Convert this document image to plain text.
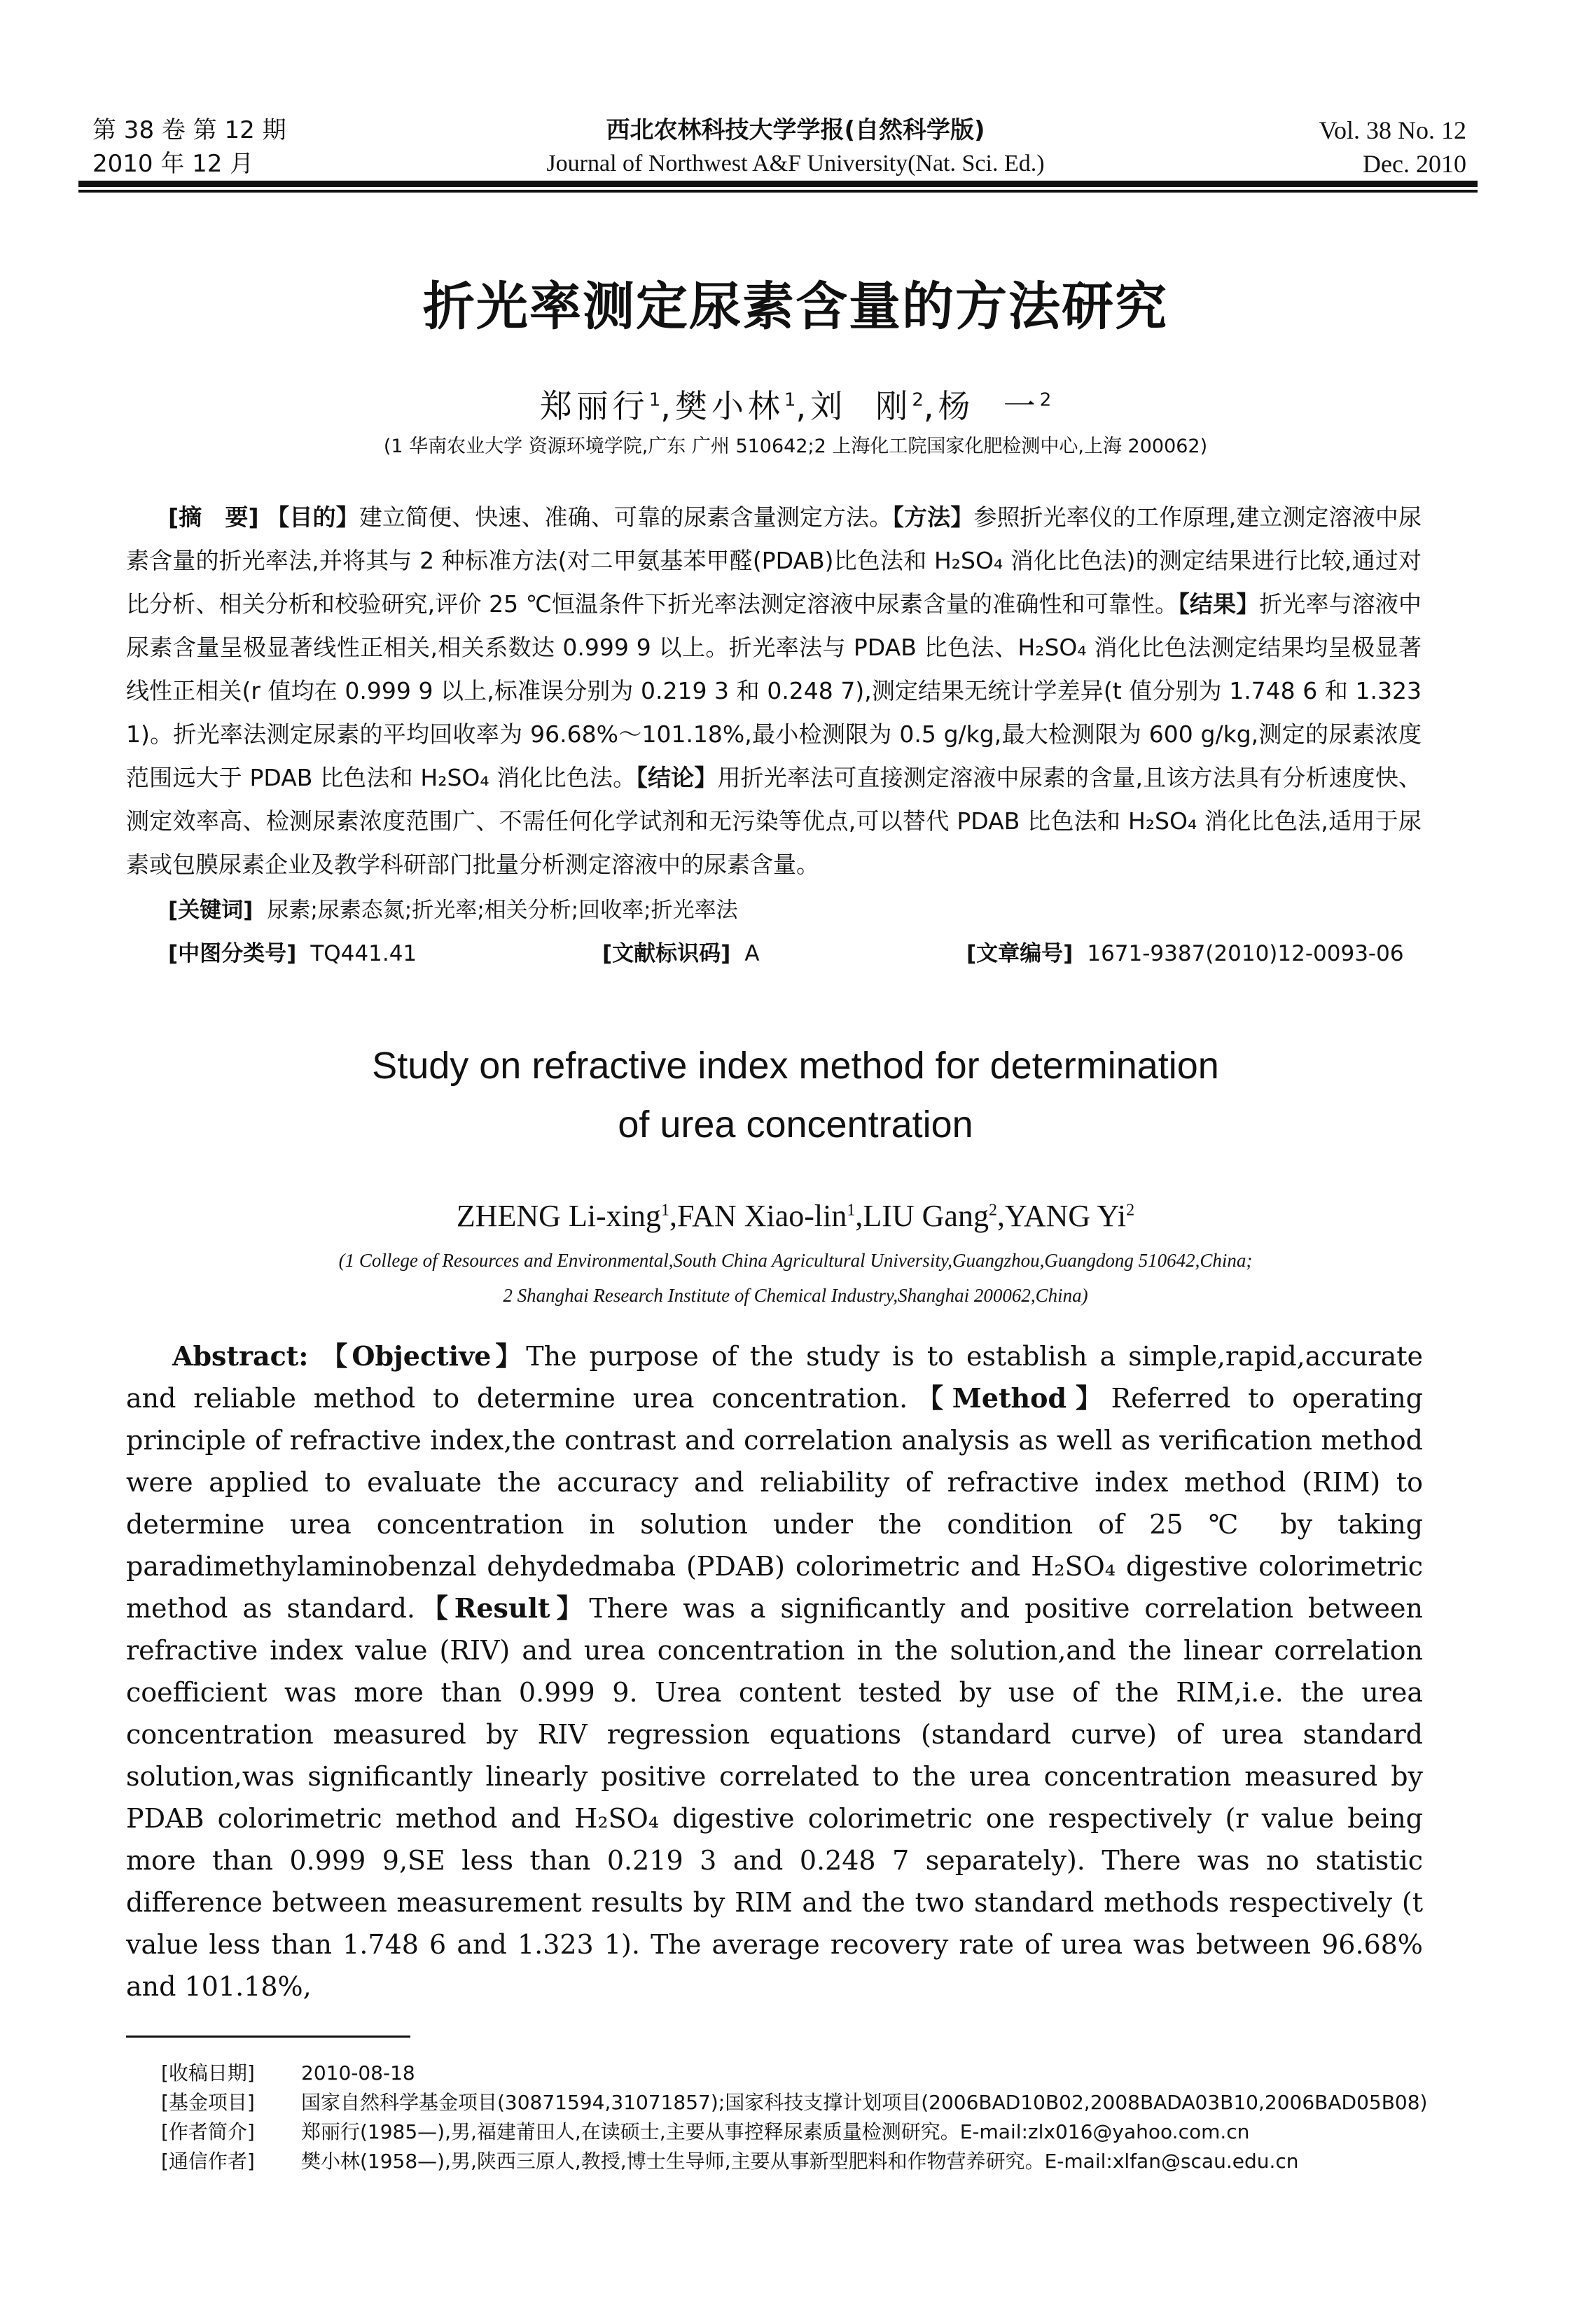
第 38 卷 第 12 期
2010 年 12 月
西北农林科技大学学报(自然科学版)
Journal of Northwest A&F University(Nat. Sci. Ed.)
Vol. 38 No. 12
Dec. 2010
折光率测定尿素含量的方法研究
郑丽行$^1$,樊小林$^1$,刘  刚$^2$,杨  一$^2$
(1 华南农业大学 资源环境学院,广东 广州 510642;2 上海化工院国家化肥检测中心,上海 200062)

[摘　要] 【目的】建立简便、快速、准确、可靠的尿素含量测定方法。【方法】参照折光率仪的工作原理,建立测定溶液中尿素含量的折光率法,并将其与 2 种标准方法(对二甲氨基苯甲醛(PDAB)比色法和 H₂SO₄ 消化比色法)的测定结果进行比较,通过对比分析、相关分析和校验研究,评价 25 ℃恒温条件下折光率法测定溶液中尿素含量的准确性和可靠性。【结果】折光率与溶液中尿素含量呈极显著线性正相关,相关系数达 0.999 9 以上。折光率法与 PDAB 比色法、H₂SO₄ 消化比色法测定结果均呈极显著线性正相关(r 值均在 0.999 9 以上,标准误分别为 0.219 3 和 0.248 7),测定结果无统计学差异(t 值分别为 1.748 6 和 1.323 1)。折光率法测定尿素的平均回收率为 96.68%～101.18%,最小检测限为 0.5 g/kg,最大检测限为 600 g/kg,测定的尿素浓度范围远大于 PDAB 比色法和 H₂SO₄ 消化比色法。【结论】用折光率法可直接测定溶液中尿素的含量,且该方法具有分析速度快、测定效率高、检测尿素浓度范围广、不需任何化学试剂和无污染等优点,可以替代 PDAB 比色法和 H₂SO₄ 消化比色法,适用于尿素或包膜尿素企业及教学科研部门批量分析测定溶液中的尿素含量。

[关键词] 尿素;尿素态氮;折光率;相关分析;回收率;折光率法
[中图分类号] TQ441.41	[文献标识码] A	[文章编号] 1671-9387(2010)12-0093-06
Study on refractive index method for determination
of urea concentration
ZHENG Li-xing$^1$,FAN Xiao-lin$^1$,LIU Gang$^2$,YANG Yi$^2$
(1 College of Resources and Environmental,South China Agricultural University,Guangzhou,Guangdong 510642,China;
2 Shanghai Research Institute of Chemical Industry,Shanghai 200062,China)

Abstract: 【Objective】The purpose of the study is to establish a simple,rapid,accurate and reliable method to determine urea concentration.【Method】Referred to operating principle of refractive index,the contrast and correlation analysis as well as verification method were applied to evaluate the accuracy and reliability of refractive index method (RIM) to determine urea concentration in solution under the condition of 25 ℃ by taking paradimethylaminobenzal dehydedmaba (PDAB) colorimetric and H₂SO₄ digestive colorimetric method as standard.【Result】There was a significantly and positive correlation between refractive index value (RIV) and urea concentration in the solution,and the linear correlation coefficient was more than 0.999 9. Urea content tested by use of the RIM,i.e. the urea concentration measured by RIV regression equations (standard curve) of urea standard solution,was significantly linearly positive correlated to the urea concentration measured by PDAB colorimetric method and H₂SO₄ digestive colorimetric one respectively (r value being more than 0.999 9,SE less than 0.219 3 and 0.248 7 separately). There was no statistic difference between measurement results by RIM and the two standard methods respectively (t value less than 1.748 6 and 1.323 1). The average recovery rate of urea was between 96.68% and 101.18%,

[收稿日期]	2010-08-18
[基金项目]	国家自然科学基金项目(30871594,31071857);国家科技支撑计划项目(2006BAD10B02,2008BADA03B10,2006BAD05B08)
[作者简介]	郑丽行(1985—),男,福建莆田人,在读硕士,主要从事控释尿素质量检测研究。E-mail:zlx016@yahoo.com.cn
[通信作者]	樊小林(1958—),男,陕西三原人,教授,博士生导师,主要从事新型肥料和作物营养研究。E-mail:xlfan@scau.edu.cn
